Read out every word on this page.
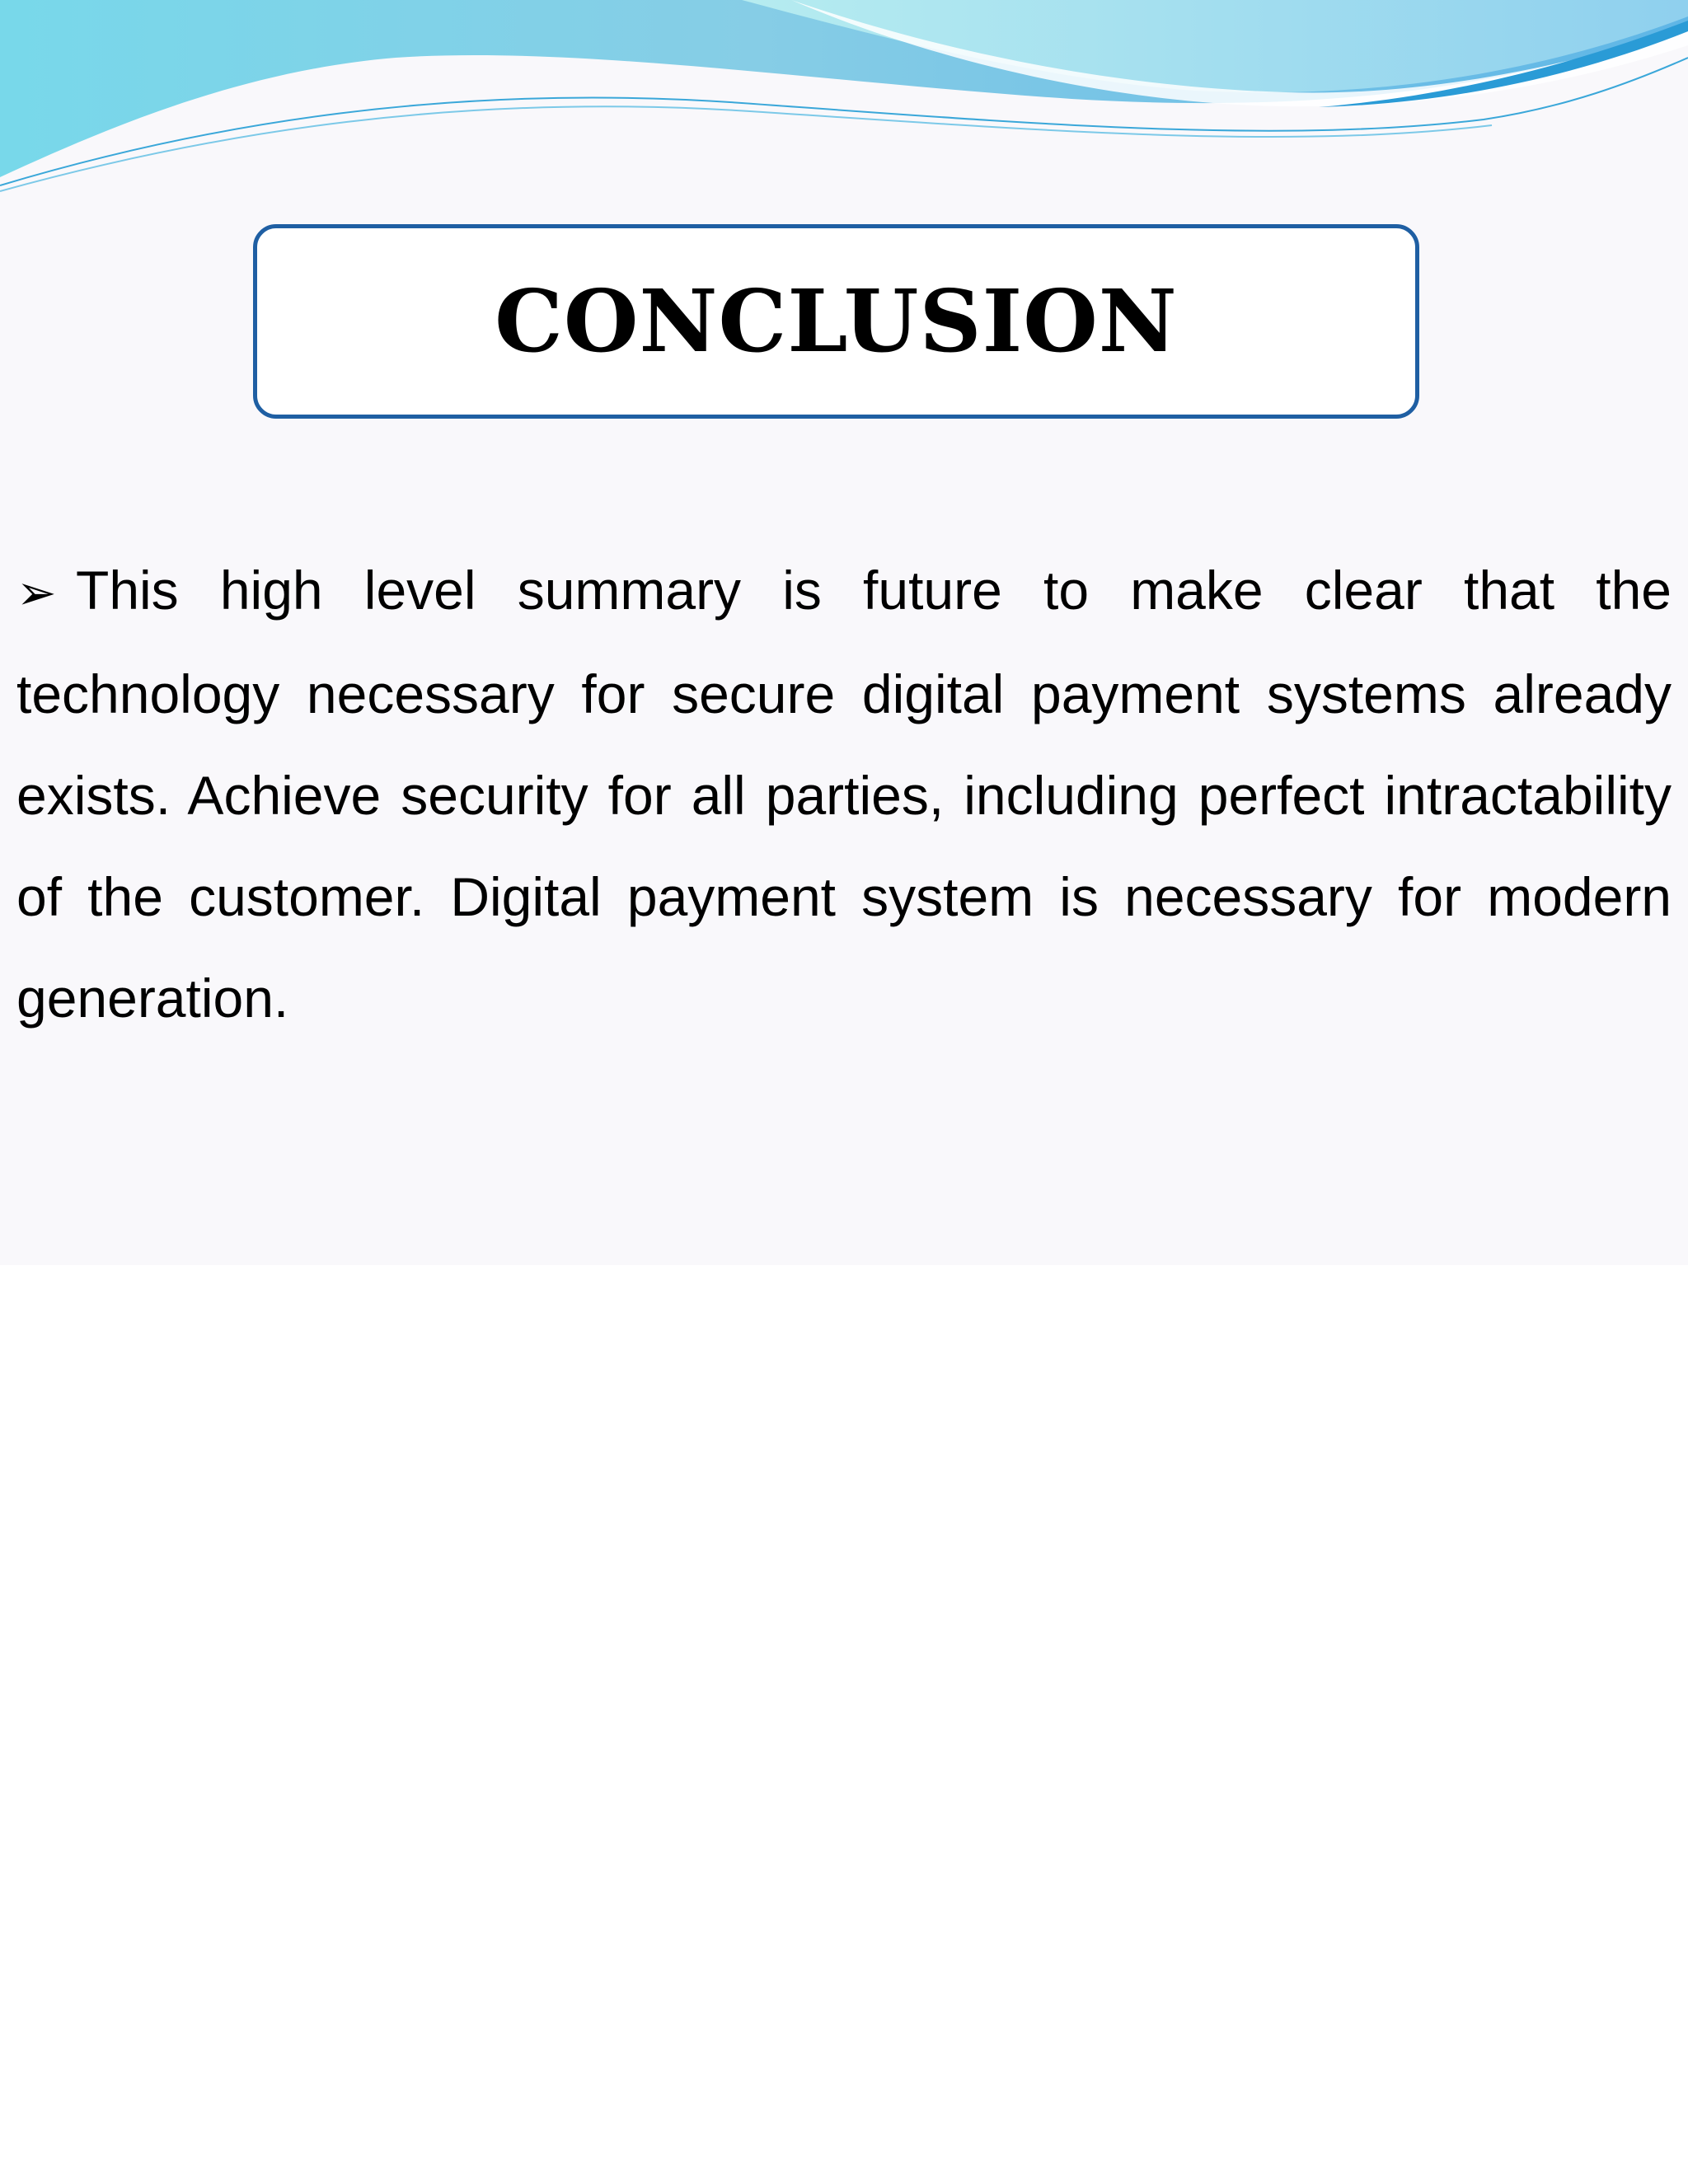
CONCLUSION

➢ This high level summary is future to make clear that the technology necessary for secure digital payment systems already exists. Achieve security for all parties, including perfect intractability of the customer. Digital payment system is necessary for modern generation.
